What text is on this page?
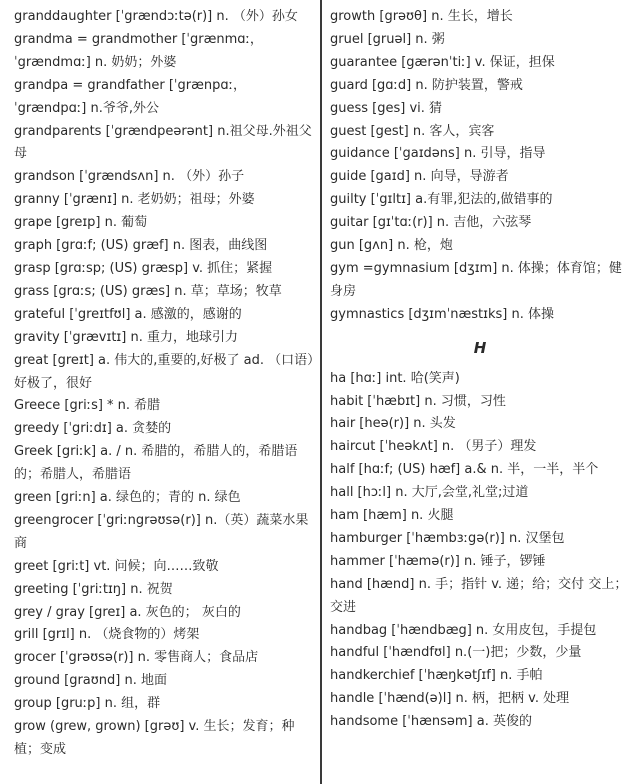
granddaughter [ˈgrændɔːtə(r)] n. （外）孙女

grandma = grandmother [ˈgrænmɑː， ˈgrændmɑː] n. 奶奶；外婆

grandpa = grandfather [ˈgrænpɑː， ˈgrændpɑː] n.爷爷,外公

grandparents [ˈgrændpeərənt] n.祖父母.外祖父母

grandson [ˈgrændsʌn] n. （外）孙子

granny [ˈgrænɪ] n. 老奶奶；祖母；外婆

grape [greɪp] n. 葡萄

graph [grɑːf; (US) græf] n. 图表，曲线图

grasp [grɑːsp; (US) græsp] v. 抓住；紧握

grass [grɑːs; (US) græs] n. 草；草场；牧草

grateful [ˈgreɪtfʊl] a. 感激的，感谢的

gravity [ˈgrævɪtɪ] n. 重力，地球引力

great [greɪt] a. 伟大的,重要的,好极了 ad. （口语）好极了，很好

Greece [griːs] * n. 希腊

greedy [ˈgriːdɪ] a. 贪婪的

Greek [griːk] a. / n. 希腊的，希腊人的，希腊语的；希腊人，希腊语

green [griːn] a. 绿色的；青的 n. 绿色

greengrocer [ˈgriːngrəʊsə(r)] n.（英）蔬菜水果商

greet [griːt] vt. 问候；向……致敬

greeting [ˈgriːtɪŋ] n. 祝贺

grey / gray [greɪ] a. 灰色的； 灰白的

grill [grɪl] n. （烧食物的）烤架

grocer [ˈgrəʊsə(r)] n. 零售商人；食品店

ground [graʊnd] n. 地面

group [gruːp] n. 组，群

grow (grew, grown) [grəʊ] v. 生长；发育；种植；变成

growth [grəʊθ] n. 生长，增长

gruel [gruəl] n. 粥

guarantee [gærənˈtiː] v. 保证，担保

guard [gɑːd] n. 防护装置，警戒

guess [ges] vi. 猜

guest [gest] n. 客人，宾客

guidance [ˈgaɪdəns] n. 引导，指导

guide [gaɪd] n. 向导，导游者

guilty [ˈgɪltɪ] a.有罪,犯法的,做错事的

guitar [gɪˈtɑː(r)] n. 吉他，六弦琴

gun [gʌn] n. 枪，炮

gym =gymnasium [dʒɪm] n. 体操；体育馆；健身房

gymnastics [dʒɪmˈnæstɪks] n. 体操

H

ha [hɑː] int. 哈(笑声)

habit [ˈhæbɪt] n. 习惯，习性

hair [heə(r)] n. 头发

haircut [ˈheəkʌt] n. （男子）理发

half [hɑːf; (US) hæf] a.& n. 半，一半，半个

hall [hɔːl] n. 大厅,会堂,礼堂;过道

ham [hæm] n. 火腿

hamburger [ˈhæmbɜːgə(r)] n. 汉堡包

hammer [ˈhæmə(r)] n. 锤子，锣锤

hand [hænd] n. 手；指针 v. 递；给；交付 交上；交进

handbag [ˈhændbæg] n. 女用皮包，手提包

handful [ˈhændfʊl] n.(一)把；少数，少量

handkerchief [ˈhæŋkətʃɪf] n. 手帕

handle [ˈhænd(ə)l] n. 柄，把柄 v. 处理

handsome [ˈhænsəm] a. 英俊的
